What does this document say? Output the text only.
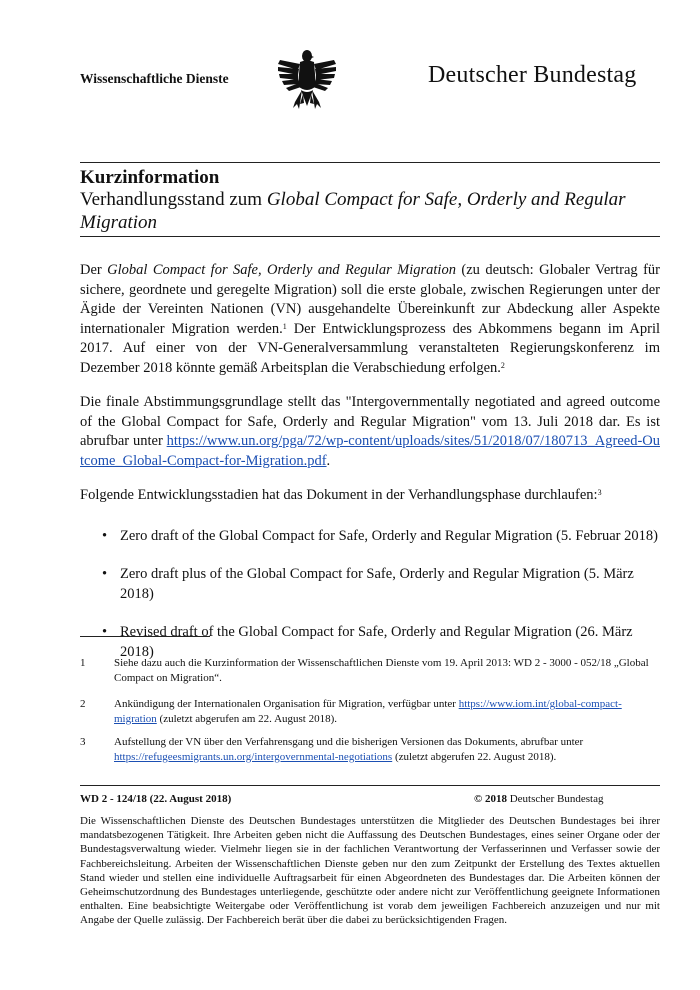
Wissenschaftliche Dienste	Deutscher Bundestag
Kurzinformation
Verhandlungsstand zum Global Compact for Safe, Orderly and Regular Migration

Der Global Compact for Safe, Orderly and Regular Migration (zu deutsch: Globaler Vertrag für sichere, geordnete und geregelte Migration) soll die erste globale, zwischen Regierungen unter der Ägide der Vereinten Nationen (VN) ausgehandelte Übereinkunft zur Abdeckung aller Aspekte internationaler Migration werden.$^1$ Der Entwicklungsprozess des Abkommens begann im April 2017. Auf einer von der VN-Generalversammlung veranstalteten Regierungskonferenz im Dezember 2018 könnte gemäß Arbeitsplan die Verabschiedung erfolgen.$^2$

Die finale Abstimmungsgrundlage stellt das "Intergovernmentally negotiated and agreed outcome of the Global Compact for Safe, Orderly and Regular Migration" vom 13. Juli 2018 dar. Es ist abrufbar unter https://www.un.org/pga/72/wp-content/uploads/sites/51/2018/07/180713_Agreed-Outcome_Global-Compact-for-Migration.pdf.

Folgende Entwicklungsstadien hat das Dokument in der Verhandlungsphase durchlaufen:$^3$

• Zero draft of the Global Compact for Safe, Orderly and Regular Migration (5. Februar 2018)
• Zero draft plus of the Global Compact for Safe, Orderly and Regular Migration (5. März 2018)
• Revised draft of the Global Compact for Safe, Orderly and Regular Migration (26. März 2018)
1	Siehe dazu auch die Kurzinformation der Wissenschaftlichen Dienste vom 19. April 2013: WD 2 - 3000 - 052/18 „Global Compact on Migration“.
2	Ankündigung der Internationalen Organisation für Migration, verfügbar unter https://www.iom.int/global-compact-migration (zuletzt abgerufen am 22. August 2018).
3	Aufstellung der VN über den Verfahrensgang und die bisherigen Versionen das Dokuments, abrufbar unter https://refugeesmigrants.un.org/intergovernmental-negotiations (zuletzt abgerufen 22. August 2018).
WD 2 - 124/18 (22. August 2018)	© 2018 Deutscher Bundestag
Die Wissenschaftlichen Dienste des Deutschen Bundestages unterstützen die Mitglieder des Deutschen Bundestages bei ihrer mandatsbezogenen Tätigkeit. Ihre Arbeiten geben nicht die Auffassung des Deutschen Bundestages, eines seiner Organe oder der Bundestagsverwaltung wieder. Vielmehr liegen sie in der fachlichen Verantwortung der Verfasserinnen und Verfasser sowie der Fachbereichsleitung. Arbeiten der Wissenschaftlichen Dienste geben nur den zum Zeitpunkt der Erstellung des Textes aktuellen Stand wieder und stellen eine individuelle Auftragsarbeit für einen Abgeordneten des Bundestages dar. Die Arbeiten können der Geheimschutzordnung des Bundestages unterliegende, geschützte oder andere nicht zur Veröffentlichung geeignete Informationen enthalten. Eine beabsichtigte Weitergabe oder Veröffentlichung ist vorab dem jeweiligen Fachbereich anzuzeigen und nur mit Angabe der Quelle zulässig. Der Fachbereich berät über die dabei zu berücksichtigenden Fragen.
